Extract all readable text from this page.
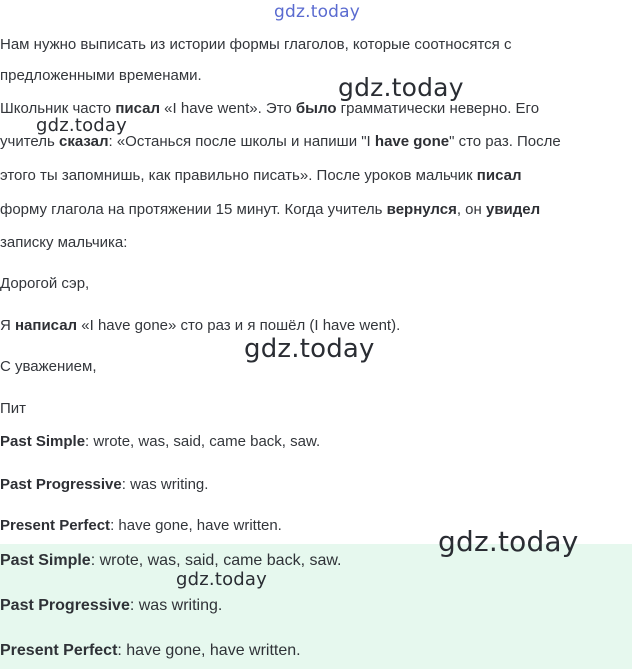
Нам нужно выписать из истории формы глаголов, которые соотносятся с
предложенными временами.
Школьник часто писал «I have went». Это было грамматически неверно. Его
учитель сказал: «Останься после школы и напиши "I have gone" сто раз. После
этого ты запомнишь, как правильно писать». После уроков мальчик писал
форму глагола на протяжении 15 минут. Когда учитель вернулся, он увидел
записку мальчика:
Дорогой сэр,
Я написал «I have gone» сто раз и я пошёл (I have went).
С уважением,
Пит
Past Simple: wrote, was, said, came back, saw.
Past Progressive: was writing.
Present Perfect: have gone, have written.
Past Simple: wrote, was, said, came back, saw.
Past Progressive: was writing.
Present Perfect: have gone, have written.
gdz.today
gdz.today
gdz.today
gdz.today
gdz.today
gdz.today
